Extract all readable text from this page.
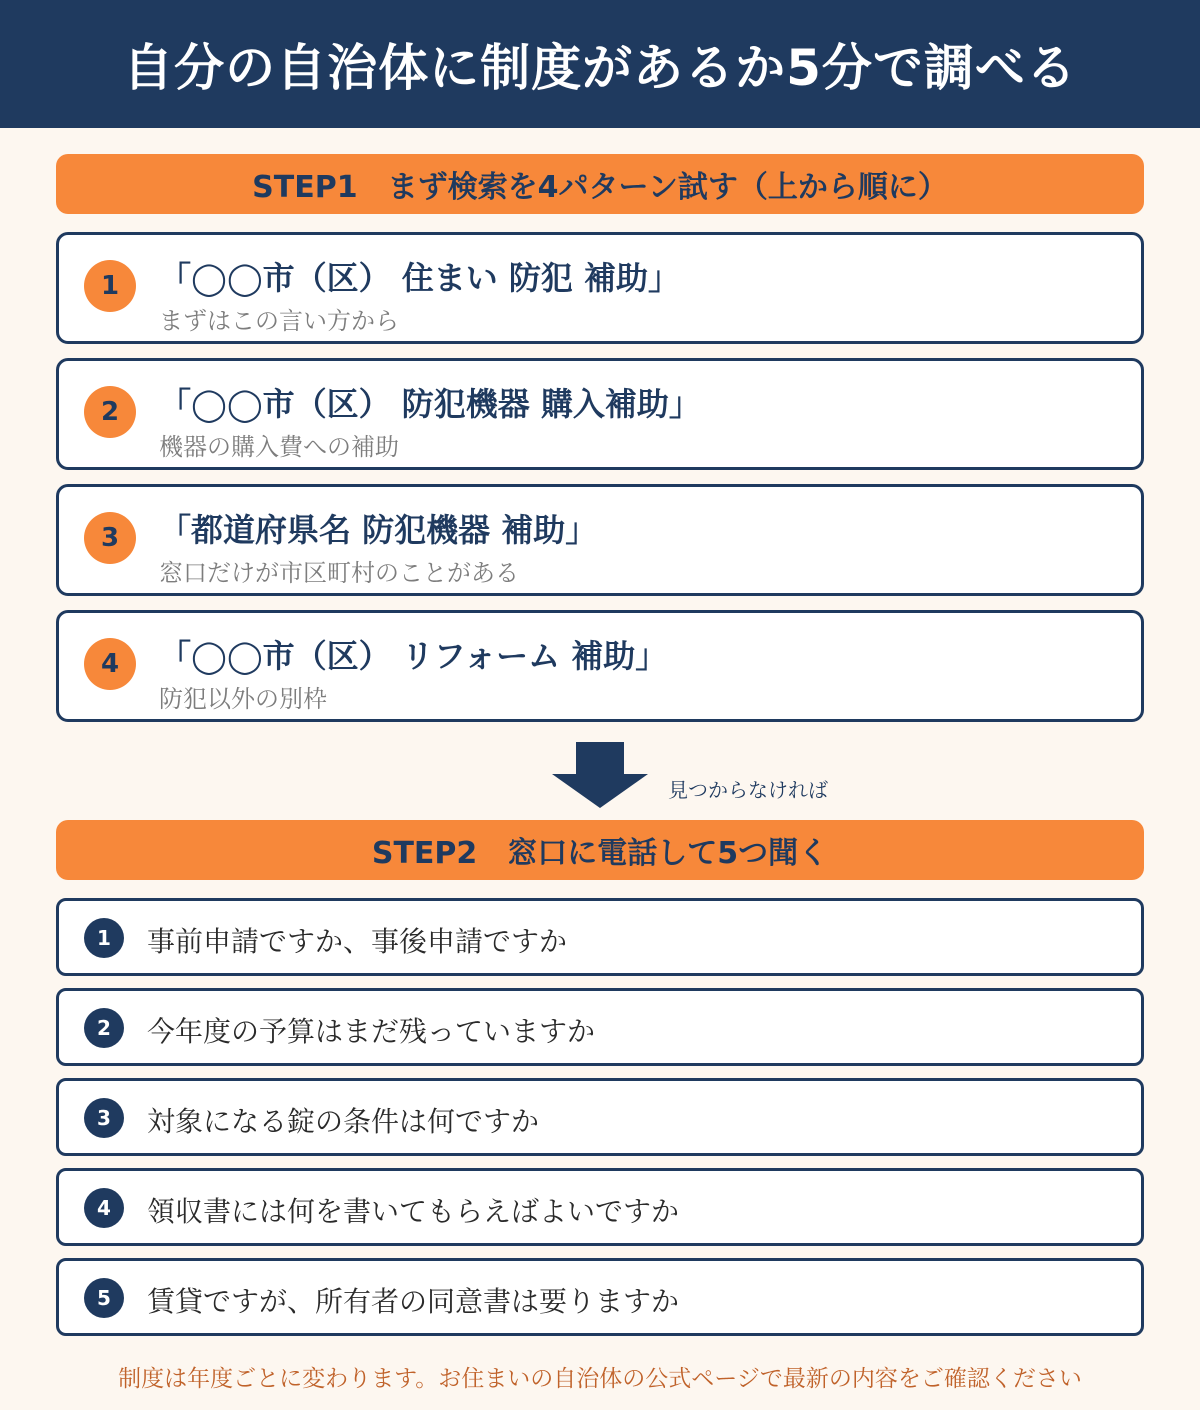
自分の自治体に制度があるか5分で調べる
STEP1　まず検索を4パターン試す（上から順に）
1	「◯◯市（区） 住まい 防犯 補助」
まずはこの言い方から
2	「◯◯市（区） 防犯機器 購入補助」
機器の購入費への補助
3	「都道府県名 防犯機器 補助」
窓口だけが市区町村のことがある
4	「◯◯市（区） リフォーム 補助」
防犯以外の別枠
見つからなければ
STEP2　窓口に電話して5つ聞く
1	事前申請ですか、事後申請ですか
2	今年度の予算はまだ残っていますか
3	対象になる錠の条件は何ですか
4	領収書には何を書いてもらえばよいですか
5	賃貸ですが、所有者の同意書は要りますか
制度は年度ごとに変わります。お住まいの自治体の公式ページで最新の内容をご確認ください
